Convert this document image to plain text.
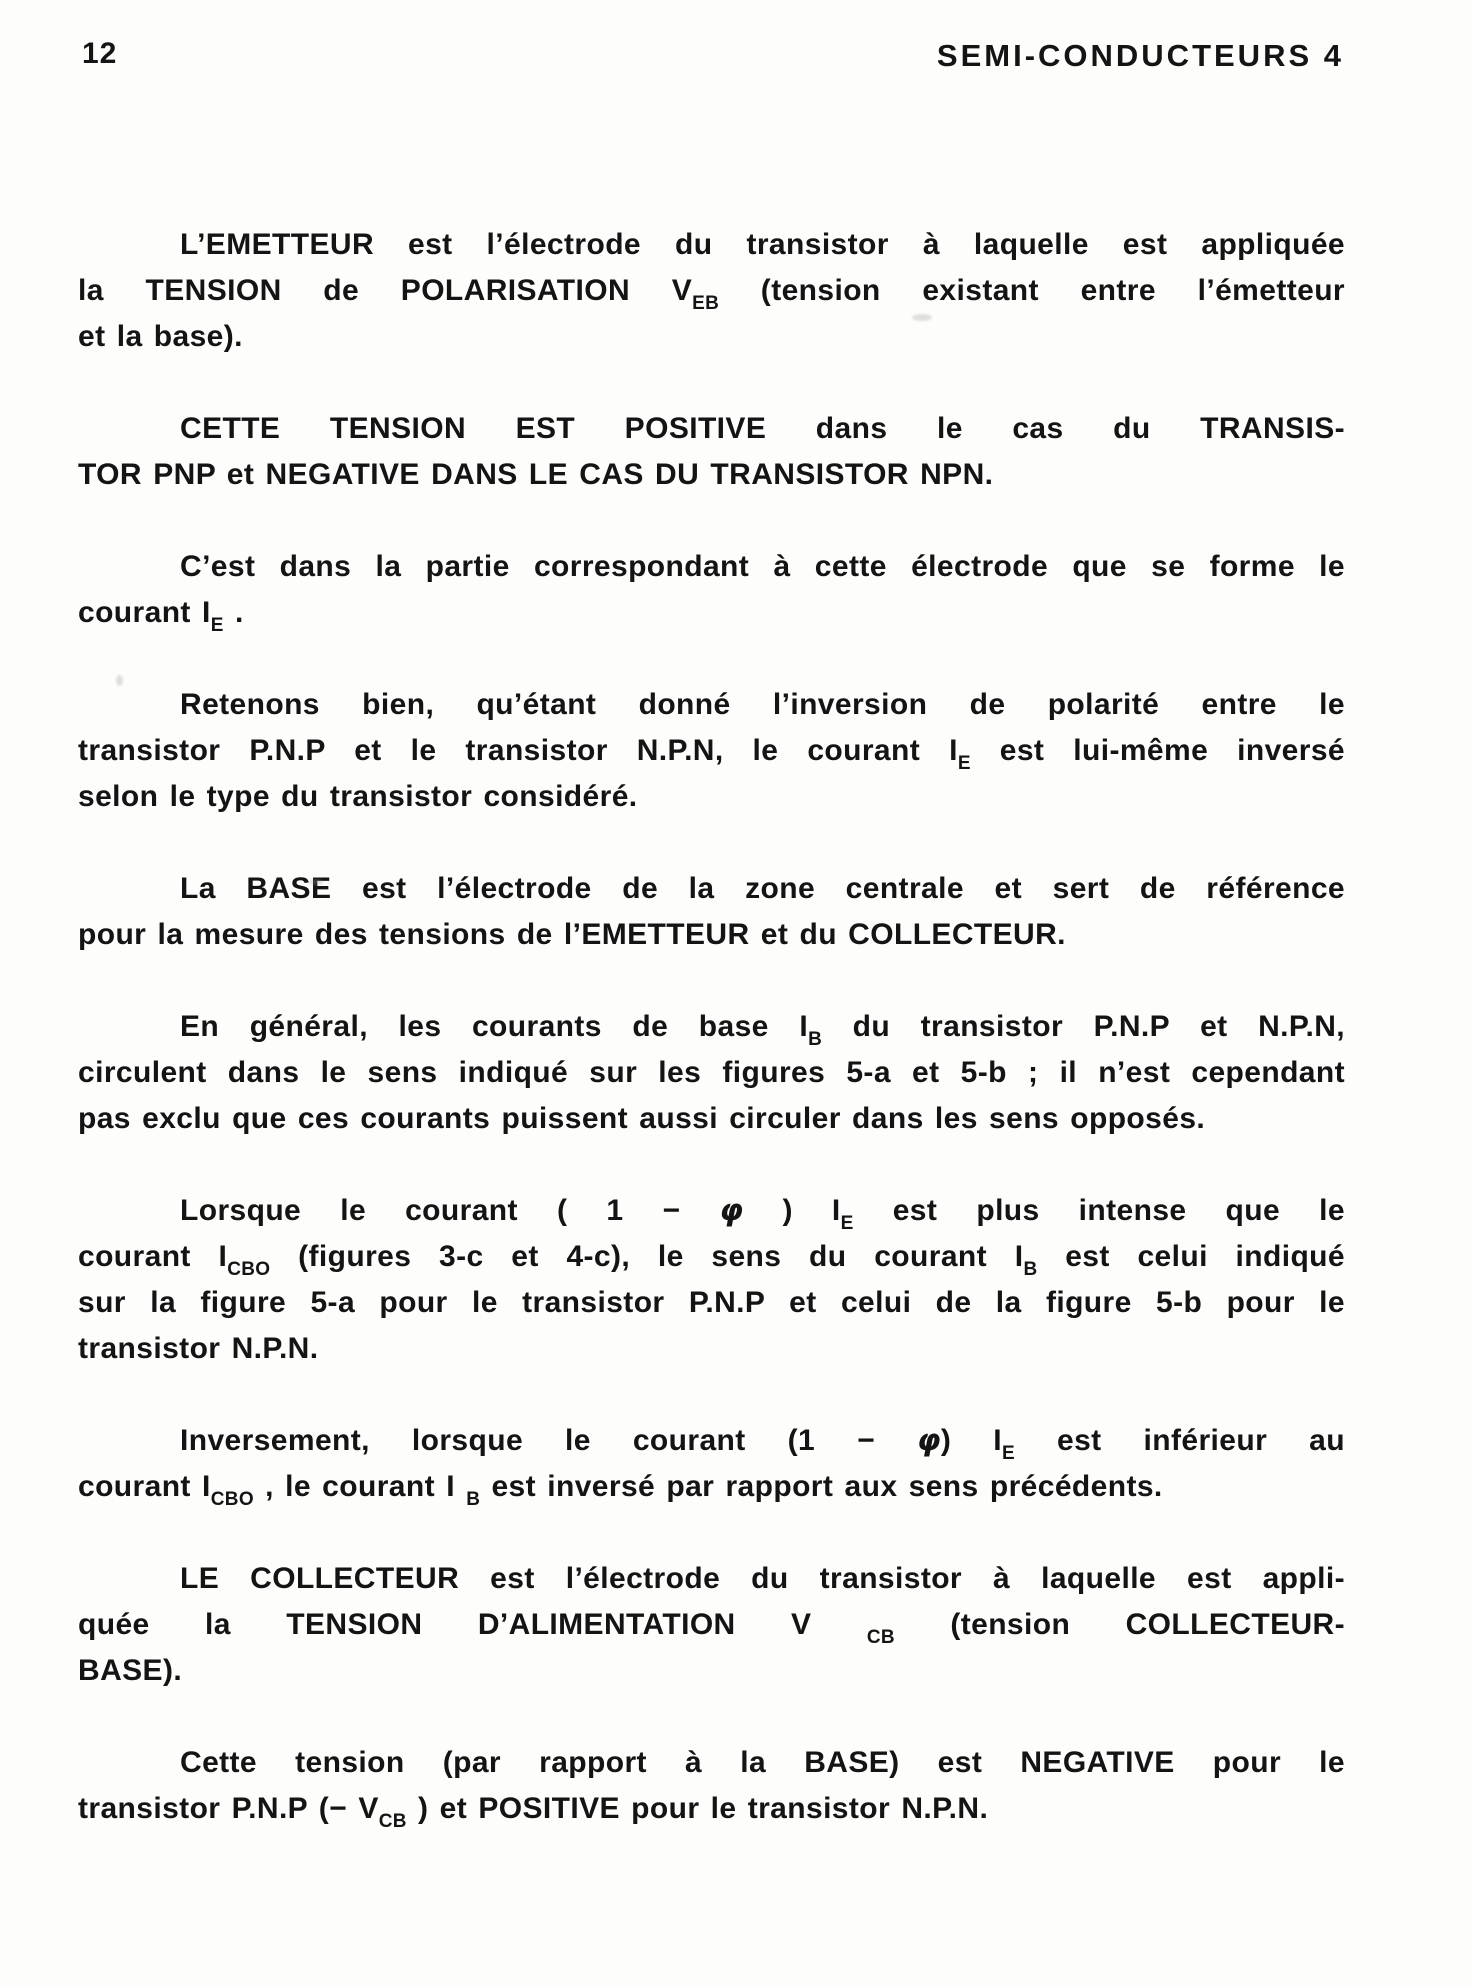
12	SEMI-CONDUCTEURS 4
L’EMETTEUR est l’électrode du transistor à laquelle est appliquée
la TENSION de POLARISATION $V_{EB}$ (tension existant entre l’émetteur
et la base).
CETTE TENSION EST POSITIVE dans le cas du TRANSIS-
TOR PNP et NEGATIVE DANS LE CAS DU TRANSISTOR NPN.
C’est dans la partie correspondant à cette électrode que se forme le
courant $I_E$ .
Retenons bien, qu’étant donné l’inversion de polarité entre le
transistor P.N.P et le transistor N.P.N, le courant $I_E$ est lui-même inversé
selon le type du transistor considéré.
La BASE est l’électrode de la zone centrale et sert de référence
pour la mesure des tensions de l’EMETTEUR et du COLLECTEUR.
En général, les courants de base $I_B$ du transistor P.N.P et N.P.N,
circulent dans le sens indiqué sur les figures 5-a et 5-b ; il n’est cependant
pas exclu que ces courants puissent aussi circuler dans les sens opposés.
Lorsque le courant ( 1 − φ ) $I_E$ est plus intense que le
courant $I_{CBO}$ (figures 3-c et 4-c), le sens du courant $I_B$ est celui indiqué
sur la figure 5-a pour le transistor P.N.P et celui de la figure 5-b pour le
transistor N.P.N.
Inversement, lorsque le courant (1 − φ) $I_E$ est inférieur au
courant $I_{CBO}$ , le courant I $_B$ est inversé par rapport aux sens précédents.
LE COLLECTEUR est l’électrode du transistor à laquelle est appli-
quée la TENSION D’ALIMENTATION V $_{CB}$ (tension COLLECTEUR-
BASE).
Cette tension (par rapport à la BASE) est NEGATIVE pour le
transistor P.N.P (− $V_{CB}$ ) et POSITIVE pour le transistor N.P.N.
